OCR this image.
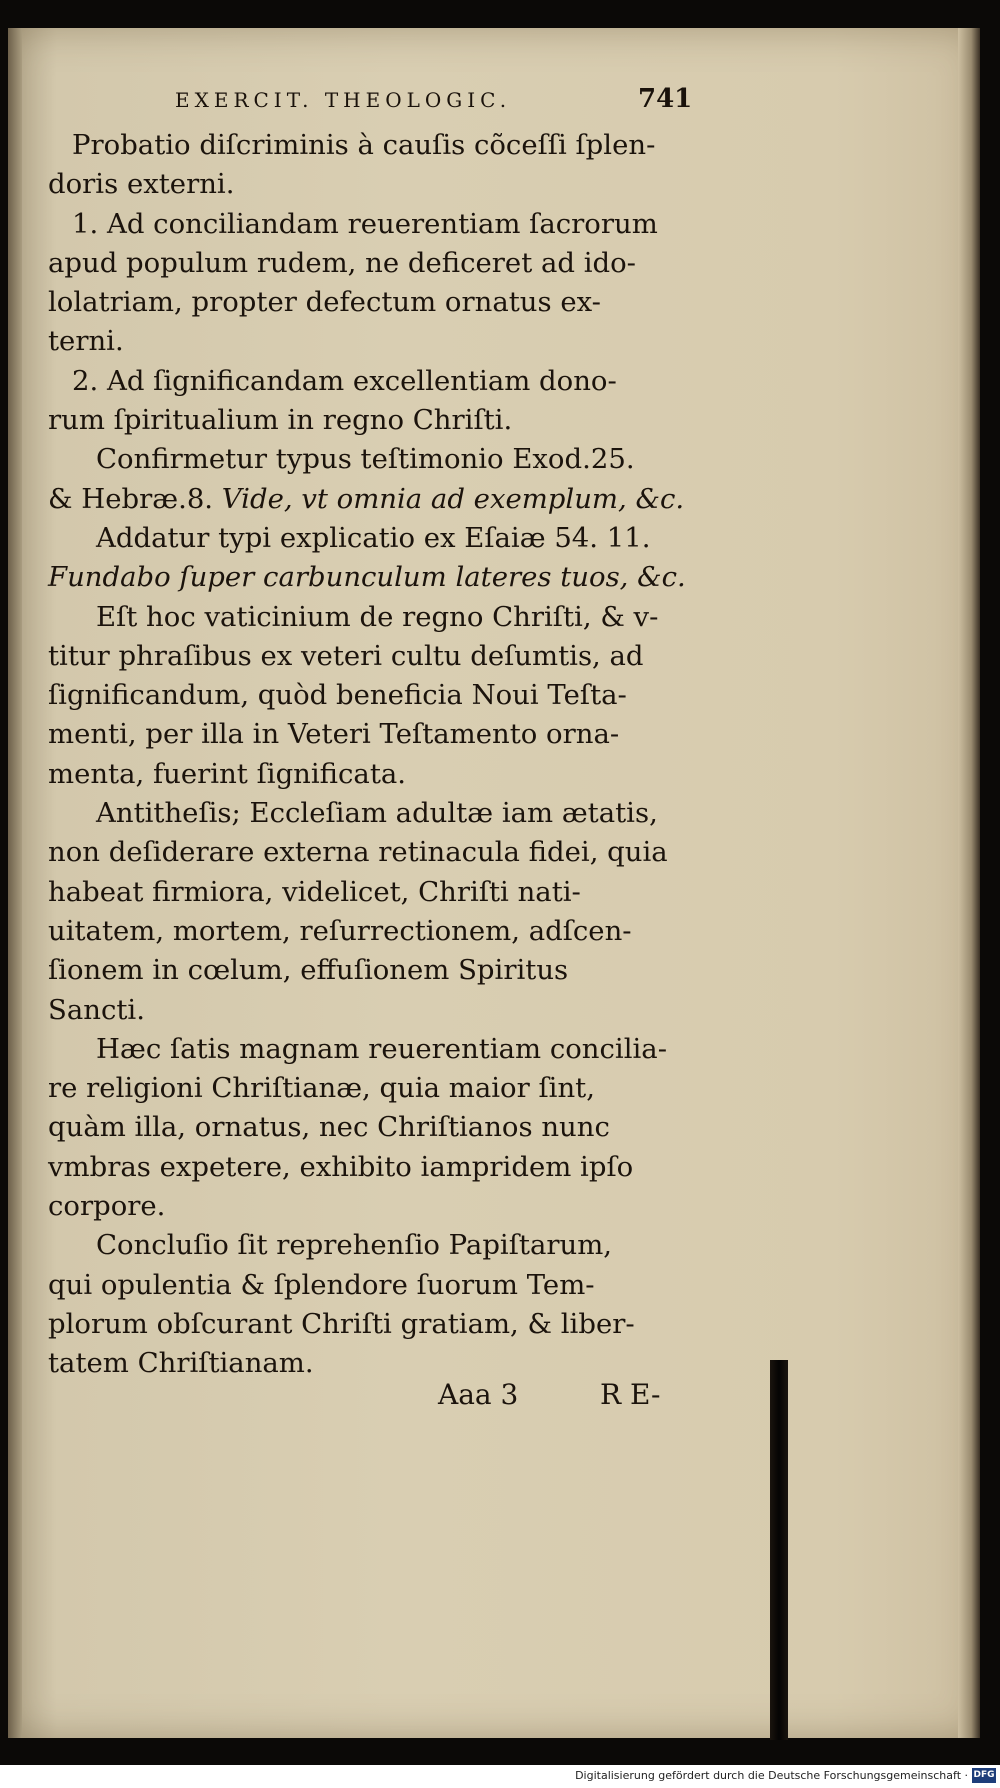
EXERCIT. THEOLOGIC.	741
Probatio diſcriminis à cauſis cõceſſi ſplen-
doris externi.
1. Ad conciliandam reuerentiam ſacrorum
apud populum rudem, ne deficeret ad ido-
lolatriam, propter defectum ornatus ex-
terni.
2. Ad ſignificandam excellentiam dono-
rum ſpiritualium in regno Chriſti.
Confirmetur typus teſtimonio Exod.25.
& Hebræ.8. Vide, vt omnia ad exemplum, &c.
Addatur typi explicatio ex Eſaiæ 54. 11.
Fundabo ſuper carbunculum lateres tuos, &c.
Eſt hoc vaticinium de regno Chriſti, & v-
titur phraſibus ex veteri cultu deſumtis, ad
ſignificandum, quòd beneficia Noui Teſta-
menti, per illa in Veteri Teſtamento orna-
menta, fuerint ſignificata.
Antitheſis; Eccleſiam adultæ iam ætatis,
non deſiderare externa retinacula fidei, quia
habeat firmiora, videlicet, Chriſti nati-
uitatem, mortem, reſurrectionem, adſcen-
ſionem in cœlum, effuſionem Spiritus
Sancti.
Hæc ſatis magnam reuerentiam concilia-
re religioni Chriſtianæ, quia maior ſint,
quàm illa, ornatus, nec Chriſtianos nunc
vmbras expetere, exhibito iampridem ipſo
corpore.
Concluſio ſit reprehenſio Papiſtarum,
qui opulentia & ſplendore ſuorum Tem-
plorum obſcurant Chriſti gratiam, & liber-
tatem Chriſtianam.
Aaa 3	R E-
Digitalisierung gefördert durch die Deutsche Forschungsgemeinschaft · DFG
